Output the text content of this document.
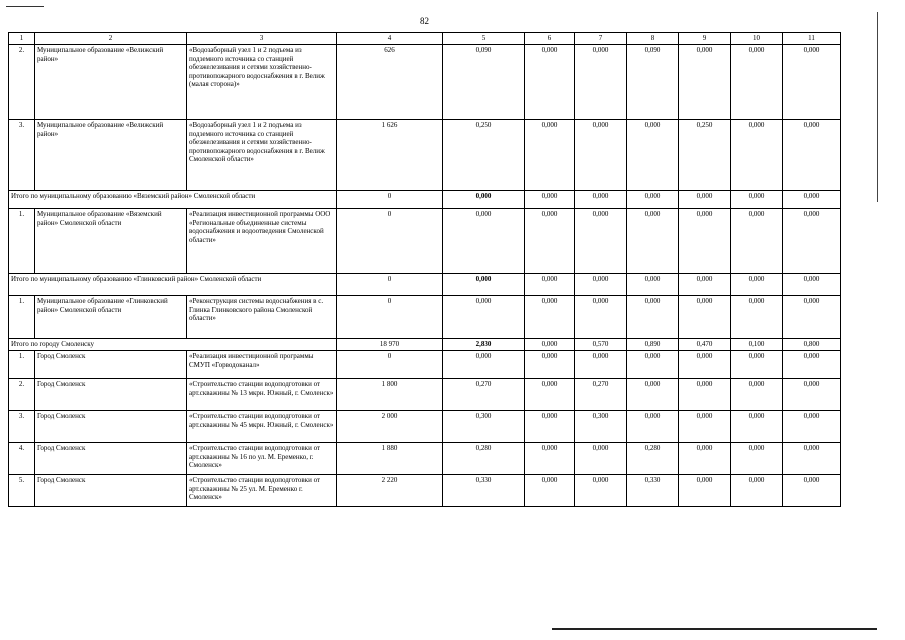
82
1	2	3	4	5	6	7	8	9	10	11
2.	Муниципальное образование «Велижский район»	«Водозаборный узел 1 и 2 подъема из подземного источника со станцией обезжелезивания и сетями хозяйственно-противопожарного водоснабжения в г. Велиж (малая сторона)»	626	0,090	0,000	0,000	0,090	0,000	0,000	0,000
3.	Муниципальное образование «Велижский район»	«Водозаборный узел 1 и 2 подъема из подземного источника со станцией обезжелезивания и сетями хозяйственно-противопожарного водоснабжения в г. Велиж Смоленской области»	1 626	0,250	0,000	0,000	0,000	0,250	0,000	0,000
Итого по муниципальному образованию «Вяземский район» Смоленской области			0	0,000	0,000	0,000	0,000	0,000	0,000	0,000
1.	Муниципальное образование «Вяземский район» Смоленской области	«Реализация инвестиционной программы ООО «Региональные объединенные системы водоснабжения и водоотведения Смоленской области»	0	0,000	0,000	0,000	0,000	0,000	0,000	0,000
Итого по муниципальному образованию «Глинковский район» Смоленской области			0	0,000	0,000	0,000	0,000	0,000	0,000	0,000
1.	Муниципальное образование «Глинковский район» Смоленской области	«Реконструкция системы водоснабжения в с. Глинка Глинковского района Смоленской области»	0	0,000	0,000	0,000	0,000	0,000	0,000	0,000
Итого по городу Смоленску			18 970	2,830	0,000	0,570	0,890	0,470	0,100	0,800
1.	Город Смоленск	«Реализация инвестиционной программы СМУП «Горводоканал»	0	0,000	0,000	0,000	0,000	0,000	0,000	0,000
2.	Город Смоленск	«Строительство станции водоподготовки от арт.скважины № 13 мкрн. Южный, г. Смоленск»	1 800	0,270	0,000	0,270	0,000	0,000	0,000	0,000
3.	Город Смоленск	«Строительство станции водоподготовки от арт.скважины № 45 мкрн. Южный, г. Смоленск»	2 000	0,300	0,000	0,300	0,000	0,000	0,000	0,000
4.	Город Смоленск	«Строительство станции водоподготовки от арт.скважины № 16 по ул. М. Еременко, г. Смоленск»	1 880	0,280	0,000	0,000	0,280	0,000	0,000	0,000
5.	Город Смоленск	«Строительство станции водоподготовки от арт.скважины № 25 ул. М. Еременко г. Смоленск»	2 220	0,330	0,000	0,000	0,330	0,000	0,000	0,000
